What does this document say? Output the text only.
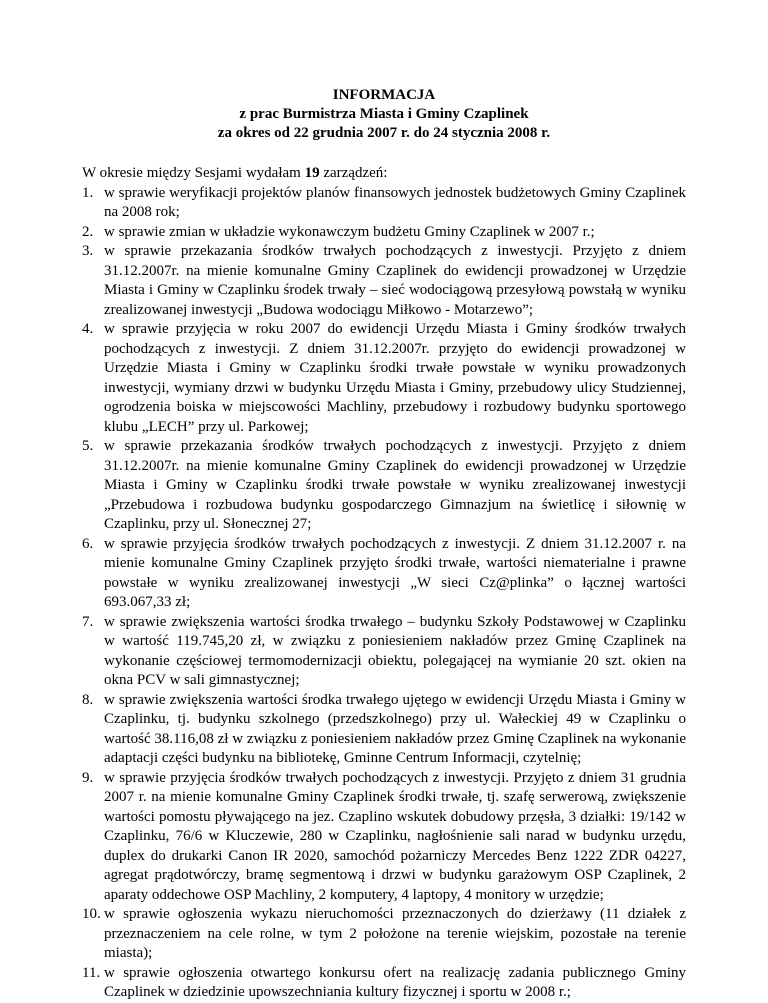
INFORMACJA
z prac Burmistrza Miasta i Gminy Czaplinek
za okres od 22 grudnia 2007 r. do 24 stycznia 2008 r.
W okresie między Sesjami wydałam 19 zarządzeń:
1. w sprawie weryfikacji projektów planów finansowych jednostek budżetowych Gminy Czaplinek na 2008 rok;
2. w sprawie zmian w układzie wykonawczym budżetu Gminy Czaplinek w 2007 r.;
3. w sprawie przekazania środków trwałych pochodzących z inwestycji. Przyjęto z dniem 31.12.2007r. na mienie komunalne Gminy Czaplinek do ewidencji prowadzonej w Urzędzie Miasta i Gminy w Czaplinku środek trwały – sieć wodociągową przesyłową powstałą w wyniku zrealizowanej inwestycji „Budowa wodociągu Miłkowo - Motarzewo”;
4. w sprawie przyjęcia w roku 2007 do ewidencji Urzędu Miasta i Gminy środków trwałych pochodzących z inwestycji. Z dniem 31.12.2007r. przyjęto do ewidencji prowadzonej w Urzędzie Miasta i Gminy w Czaplinku środki trwałe powstałe w wyniku prowadzonych inwestycji, wymiany drzwi w budynku Urzędu Miasta i Gminy, przebudowy ulicy Studziennej, ogrodzenia boiska w miejscowości Machliny, przebudowy i rozbudowy budynku sportowego klubu „LECH” przy ul. Parkowej;
5. w sprawie przekazania środków trwałych pochodzących z inwestycji. Przyjęto z dniem 31.12.2007r. na mienie komunalne Gminy Czaplinek do ewidencji prowadzonej w Urzędzie Miasta i Gminy w Czaplinku środki trwałe powstałe w wyniku zrealizowanej inwestycji „Przebudowa i rozbudowa budynku gospodarczego Gimnazjum na świetlicę i siłownię w Czaplinku, przy ul. Słonecznej 27;
6. w sprawie przyjęcia środków trwałych pochodzących z inwestycji. Z dniem 31.12.2007 r. na mienie komunalne Gminy Czaplinek przyjęto środki trwałe, wartości niematerialne i prawne powstałe w wyniku zrealizowanej inwestycji „W sieci Cz@plinka” o łącznej wartości 693.067,33 zł;
7. w sprawie zwiększenia wartości środka trwałego – budynku Szkoły Podstawowej w Czaplinku w wartość 119.745,20 zł, w związku z poniesieniem nakładów przez Gminę Czaplinek na wykonanie częściowej termomodernizacji obiektu, polegającej na wymianie 20 szt. okien na okna PCV w sali gimnastycznej;
8. w sprawie zwiększenia wartości środka trwałego ujętego w ewidencji Urzędu Miasta i Gminy w Czaplinku, tj. budynku szkolnego (przedszkolnego) przy ul. Wałeckiej 49 w Czaplinku o wartość 38.116,08 zł w związku z poniesieniem nakładów przez Gminę Czaplinek na wykonanie adaptacji części budynku na bibliotekę, Gminne Centrum Informacji, czytelnię;
9. w sprawie przyjęcia środków trwałych pochodzących z inwestycji. Przyjęto z dniem 31 grudnia 2007 r. na mienie komunalne Gminy Czaplinek środki trwałe, tj. szafę serwerową, zwiększenie wartości pomostu pływającego na jez. Czaplino wskutek dobudowy przęsła, 3 działki: 19/142 w Czaplinku, 76/6 w Kluczewie, 280 w Czaplinku, nagłośnienie sali narad w budynku urzędu, duplex do drukarki Canon IR 2020, samochód pożarniczy Mercedes Benz 1222 ZDR 04227, agregat prądotwórczy, bramę segmentową i drzwi w budynku garażowym OSP Czaplinek, 2 aparaty oddechowe OSP Machliny, 2 komputery, 4 laptopy, 4 monitory w urzędzie;
10. w sprawie ogłoszenia wykazu nieruchomości przeznaczonych do dzierżawy (11 działek z przeznaczeniem na cele rolne, w tym 2 położone na terenie wiejskim, pozostałe na terenie miasta);
11. w sprawie ogłoszenia otwartego konkursu ofert na realizację zadania publicznego Gminy Czaplinek w dziedzinie upowszechniania kultury fizycznej i sportu w 2008 r.;
